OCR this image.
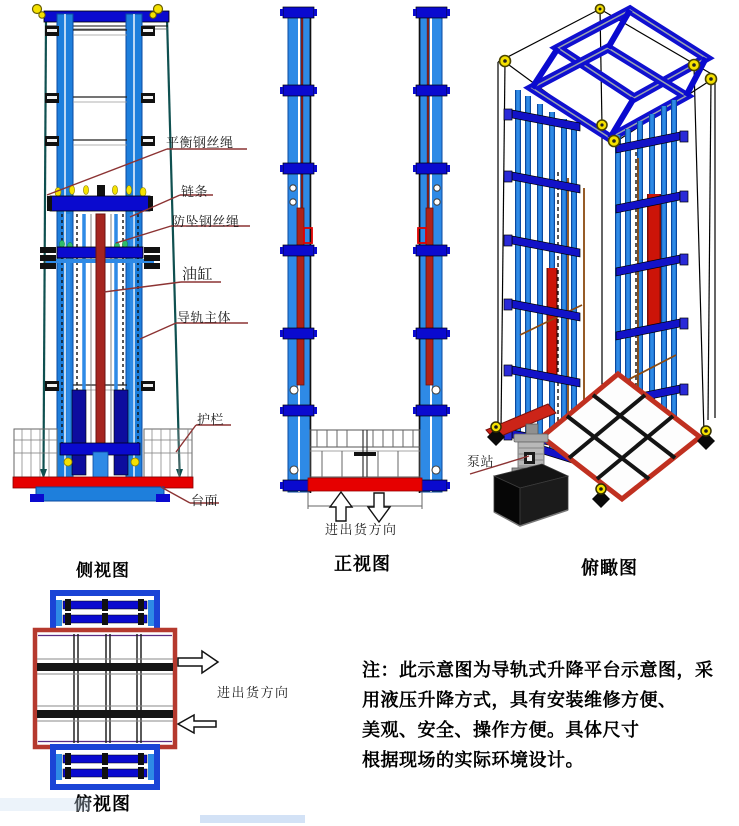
平衡钢丝绳
链条
防坠钢丝绳
油缸
导轨主体
护栏
台面
泵站
进出货方向
进出货方向
侧视图	正视图	俯瞰图
俯视图
注：此示意图为导轨式升降平台示意图，采
用液压升降方式，具有安装维修方便、
美观、安全、操作方便。具体尺寸
根据现场的实际环境设计。
